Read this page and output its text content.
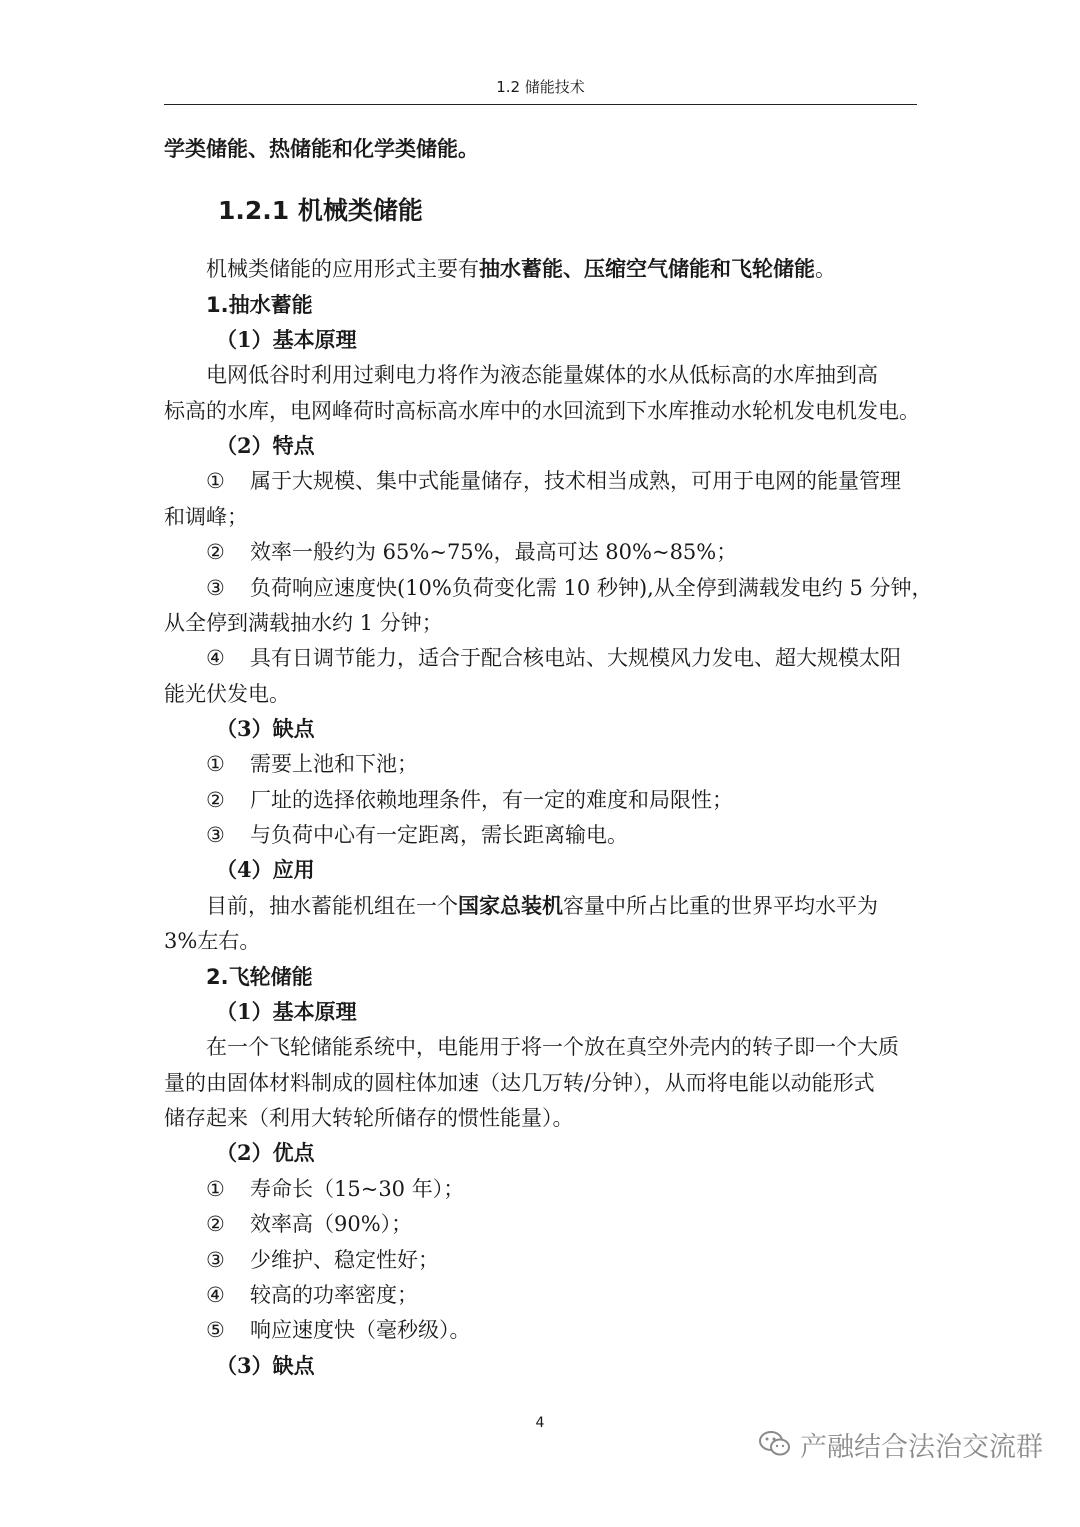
1.2 储能技术
学类储能、热储能和化学类储能。
1.2.1 机械类储能
机械类储能的应用形式主要有抽水蓄能、压缩空气储能和飞轮储能。
1.抽水蓄能
（1）基本原理
电网低谷时利用过剩电力将作为液态能量媒体的水从低标高的水库抽到高
标高的水库，电网峰荷时高标高水库中的水回流到下水库推动水轮机发电机发电。
（2）特点
① 属于大规模、集中式能量储存，技术相当成熟，可用于电网的能量管理
和调峰；
② 效率一般约为 65%~75%，最高可达 80%~85%；
③ 负荷响应速度快(10%负荷变化需 10 秒钟),从全停到满载发电约 5 分钟，
从全停到满载抽水约 1 分钟；
④ 具有日调节能力，适合于配合核电站、大规模风力发电、超大规模太阳
能光伏发电。
（3）缺点
① 需要上池和下池；
② 厂址的选择依赖地理条件，有一定的难度和局限性；
③ 与负荷中心有一定距离，需长距离输电。
（4）应用
目前，抽水蓄能机组在一个国家总装机容量中所占比重的世界平均水平为
3%左右。
2.飞轮储能
（1）基本原理
在一个飞轮储能系统中，电能用于将一个放在真空外壳内的转子即一个大质
量的由固体材料制成的圆柱体加速（达几万转/分钟），从而将电能以动能形式
储存起来（利用大转轮所储存的惯性能量）。
（2）优点
① 寿命长（15~30 年）；
② 效率高（90%）；
③ 少维护、稳定性好；
④ 较高的功率密度；
⑤ 响应速度快（毫秒级）。
（3）缺点
4
产融结合法治交流群
